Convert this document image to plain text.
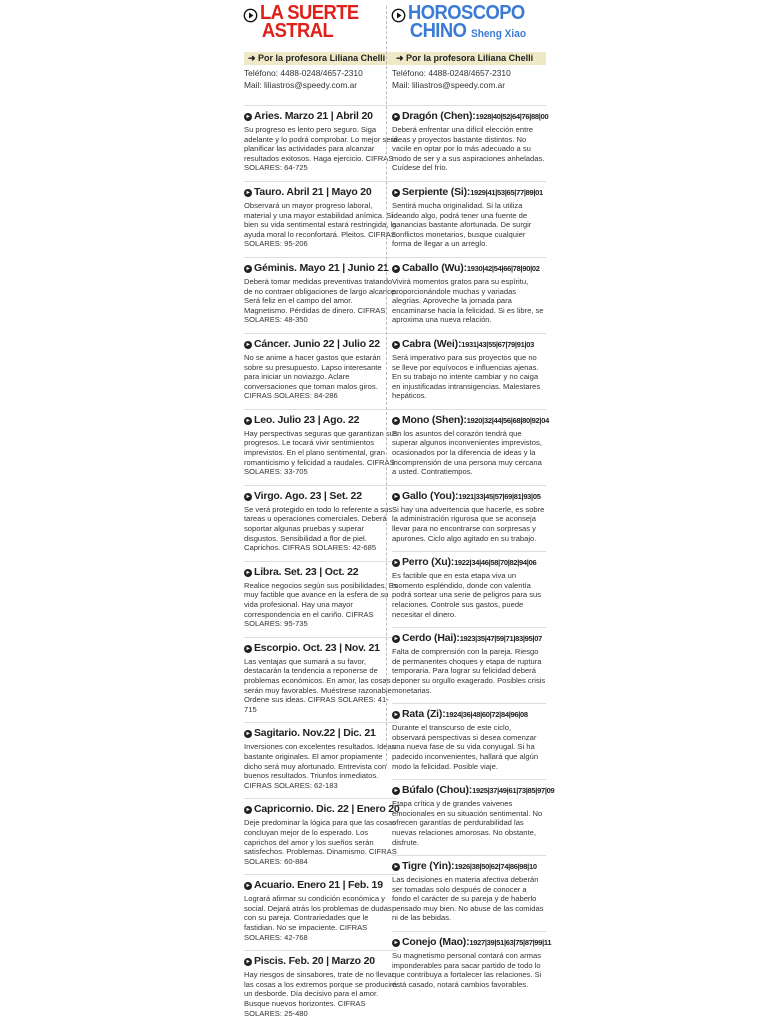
LA SUERTE
ASTRAL
➜ Por la profesora Liliana Chelli
Teléfono: 4488-0248/4657-2310
Mail: liliastros@speedy.com.ar
▸ Aries. Marzo 21 | Abril 20
Su progreso es lento pero seguro. Siga adelante y lo podrá comprobar. Lo mejor será planificar las actividades para alcanzar resultados exitosos. Haga ejercicio. CIFRAS SOLARES: 64-725
▸ Tauro. Abril 21 | Mayo 20
Observará un mayor progreso laboral, material y una mayor estabilidad anímica. Si bien su vida sentimental estará restringida, la ayuda moral lo reconfortará. Pleitos. CIFRAS SOLARES: 95-206
▸ Géminis. Mayo 21 | Junio 21
Deberá tomar medidas preventivas tratando de no contraer obligaciones de largo alcance. Será feliz en el campo del amor. Magnetismo. Pérdidas de dinero. CIFRAS SOLARES: 48-350
▸ Cáncer. Junio 22 | Julio 22
No se anime a hacer gastos que estarán sobre su presupuesto. Lapso interesante para iniciar un noviazgo. Aclare conversaciones que toman malos giros. CIFRAS SOLARES: 84-286
▸ Leo. Julio 23 | Ago. 22
Hay perspectivas seguras que garantizan sus progresos. Le tocará vivir sentimientos imprevistos. En el plano sentimental, gran romanticismo y felicidad a raudales. CIFRAS SOLARES: 33-705
▸ Virgo. Ago. 23 | Set. 22
Se verá protegido en todo lo referente a sus tareas u operaciones comerciales. Deberá soportar algunas pruebas y superar disgustos. Sensibilidad a flor de piel. Caprichos. CIFRAS SOLARES: 42-685
▸ Libra. Set. 23 | Oct. 22
Realice negocios según sus posibilidades. Es muy factible que avance en la esfera de su vida profesional. Hay una mayor correspondencia en el cariño. CIFRAS SOLARES: 95-735
▸ Escorpio. Oct. 23 | Nov. 21
Las ventajas que sumará a su favor, destacarán la tendencia a reponerse de problemas económicos. En amor, las cosas serán muy favorables. Muéstrese razonable. Ordene sus ideas. CIFRAS SOLARES: 41-715
▸ Sagitario. Nov.22 | Dic. 21
Inversiones con excelentes resultados. Ideas bastante originales. El amor propiamente dicho será muy afortunado. Entrevista con buenos resultados. Triunfos inmediatos. CIFRAS SOLARES: 62-183
▸ Capricornio. Dic. 22 | Enero 20
Deje predominar la lógica para que las cosas concluyan mejor de lo esperado. Los caprichos del amor y los sueños serán satisfechos. Problemas. Dinamismo. CIFRAS SOLARES: 60-884
▸ Acuario. Enero 21 | Feb. 19
Logrará afirmar su condición económica y social. Dejará atrás los problemas de dudas con su pareja. Contrariedades que le fastidian. No se impaciente. CIFRAS SOLARES: 42-768
▸ Piscis. Feb. 20 | Marzo 20
Hay riesgos de sinsabores, trate de no llevar las cosas a los extremos porque se producirá un desborde. Día decisivo para el amor. Busque nuevos horizontes. CIFRAS SOLARES: 25-480
HOROSCOPO
CHINO Sheng Xiao
➜ Por la profesora Liliana Chelli
Teléfono: 4488-0248/4657-2310
Mail: liliastros@speedy.com.ar
▸ Dragón (Chen):1928|40|52|64|76|88|00
Deberá enfrentar una difícil elección entre ideas y proyectos bastante distintos. No vacile en optar por lo más adecuado a su modo de ser y a sus aspiraciones anheladas. Cuídese del frío.
▸ Serpiente (Si):1929|41|53|65|77|89|01
Sentirá mucha originalidad. Si la utiliza ideando algo, podrá tener una fuente de ganancias bastante afortunada. De surgir conflictos monetarios, busque cualquier forma de llegar a un arreglo.
▸ Caballo (Wu):1930|42|54|66|78|90|02
Vivirá momentos gratos para su espíritu, proporcionándole muchas y variadas alegrías. Aproveche la jornada para encaminarse hacia la felicidad. Si es libre, se aproxima una nueva relación.
▸ Cabra (Wei):1931|43|55|67|79|91|03
Será imperativo para sus proyectos que no se lleve por equívocos e influencias ajenas. En su trabajo no intente cambiar y no caiga en injustificadas intransigencias. Malestares hepáticos.
▸ Mono (Shen):1920|32|44|56|68|80|92|04
En los asuntos del corazón tendrá que superar algunos inconvenientes imprevistos, ocasionados por la diferencia de ideas y la incomprensión de una persona muy cercana a usted. Contratiempos.
▸ Gallo (You):1921|33|45|57|69|81|93|05
Si hay una advertencia que hacerle, es sobre la administración rigurosa que se aconseja llevar para no encontrarse con sorpresas y apurones. Ciclo algo agitado en su trabajo.
▸ Perro (Xu):1922|34|46|58|70|82|94|06
Es factible que en esta etapa viva un momento espléndido, donde con valentía podrá sortear una serie de peligros para sus relaciones. Controle sus gastos, puede necesitar el dinero.
▸ Cerdo (Hai):1923|35|47|59|71|83|95|07
Falta de comprensión con la pareja. Riesgo de permanentes choques y etapa de ruptura temporaria. Para lograr su felicidad deberá deponer su orgullo exagerado. Posibles crisis monetarias.
▸ Rata (Zi):1924|36|48|60|72|84|96|08
Durante el transcurso de este ciclo, observará perspectivas si desea comenzar una nueva fase de su vida conyugal. Si ha padecido inconvenientes, hallará que algún modo la felicidad. Posible viaje.
▸ Búfalo (Chou):1925|37|49|61|73|85|97|09
Etapa crítica y de grandes vaivenes emocionales en su situación sentimental. No ofrecen garantías de perdurabilidad las nuevas relaciones amorosas. No obstante, disfrute.
▸ Tigre (Yin):1926|38|50|62|74|86|98|10
Las decisiones en materia afectiva deberán ser tomadas solo después de conocer a fondo el carácter de su pareja y de haberlo pensado muy bien. No abuse de las comidas ni de las bebidas.
▸ Conejo (Mao):1927|39|51|63|75|87|99|11
Su magnetismo personal contará con armas imponderables para sacar partido de todo lo que contribuya a fortalecer las relaciones. Si está casado, notará cambios favorables.
